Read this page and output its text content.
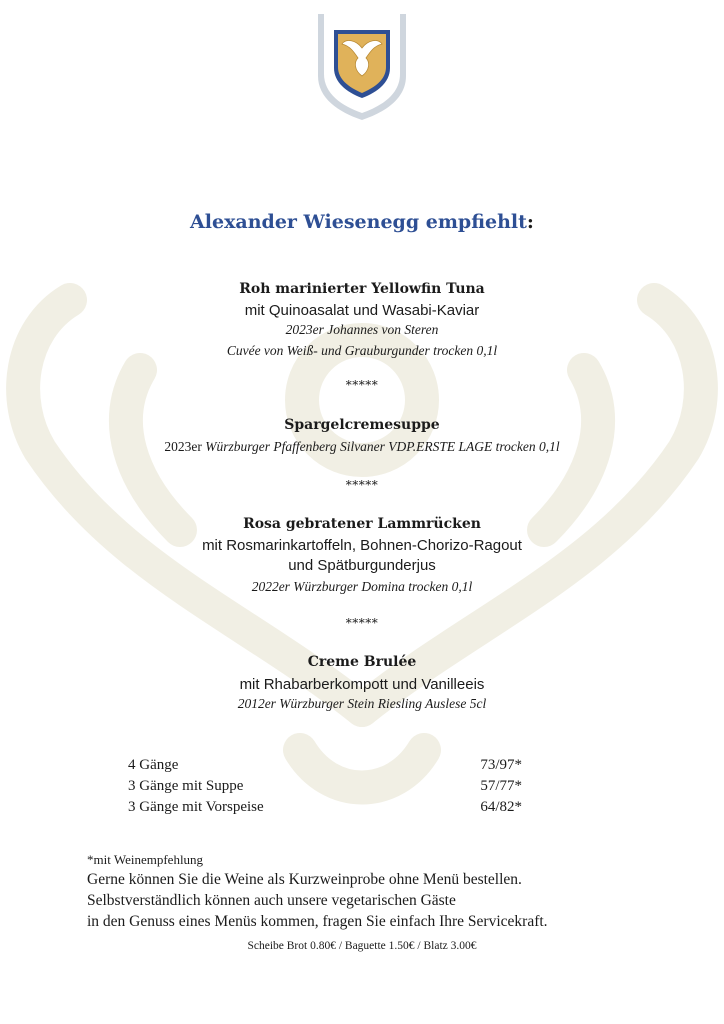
Alexander Wiesenegg empfiehlt:
Roh marinierter Yellowfin Tuna
mit Quinoasalat und Wasabi-Kaviar
2023er Johannes von Steren
Cuvée von Weiß- und Grauburgunder trocken 0,1l
*****
Spargelcremesuppe
2023er Würzburger Pfaffenberg Silvaner VDP.ERSTE LAGE trocken 0,1l
*****
Rosa gebratener Lammrücken
mit Rosmarinkartoffeln, Bohnen-Chorizo-Ragout
und Spätburgunderjus
2022er Würzburger Domina trocken 0,1l
*****
Creme Brulée
mit Rhabarberkompott und Vanilleeis
2012er Würzburger Stein Riesling Auslese 5cl
4 Gänge	73/97*
3 Gänge mit Suppe	57/77*
3 Gänge mit Vorspeise	64/82*
*mit Weinempfehlung
Gerne können Sie die Weine als Kurzweinprobe ohne Menü bestellen.
Selbstverständlich können auch unsere vegetarischen Gäste
in den Genuss eines Menüs kommen, fragen Sie einfach Ihre Servicekraft.
Scheibe Brot 0.80€ / Baguette 1.50€ / Blatz 3.00€
